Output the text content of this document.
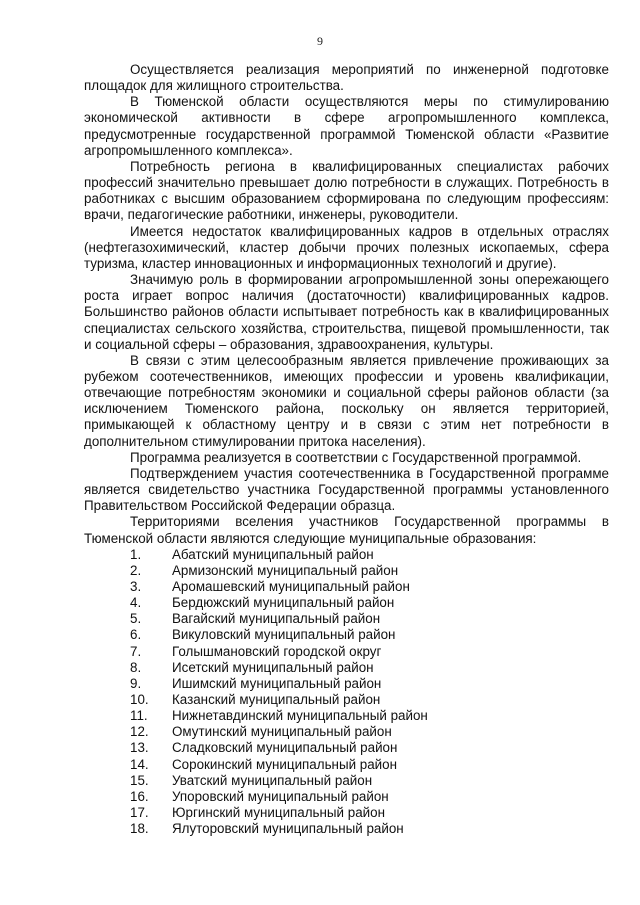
9

Осуществляется реализация мероприятий по инженерной подготовке площадок для жилищного строительства.

В Тюменской области осуществляются меры по стимулированию экономической активности в сфере агропромышленного комплекса, предусмотренные государственной программой Тюменской области «Развитие агропромышленного комплекса».

Потребность региона в квалифицированных специалистах рабочих профессий значительно превышает долю потребности в служащих. Потребность в работниках с высшим образованием сформирована по следующим профессиям: врачи, педагогические работники, инженеры, руководители.

Имеется недостаток квалифицированных кадров в отдельных отраслях (нефтегазохимический, кластер добычи прочих полезных ископаемых, сфера туризма, кластер инновационных и информационных технологий и другие).

Значимую роль в формировании агропромышленной зоны опережающего роста играет вопрос наличия (достаточности) квалифицированных кадров. Большинство районов области испытывает потребность как в квалифицированных специалистах сельского хозяйства, строительства, пищевой промышленности, так и социальной сферы – образования, здравоохранения, культуры.

В связи с этим целесообразным является привлечение проживающих за рубежом соотечественников, имеющих профессии и уровень квалификации, отвечающие потребностям экономики и социальной сферы районов области (за исключением Тюменского района, поскольку он является территорией, примыкающей к областному центру и в связи с этим нет потребности в дополнительном стимулировании притока населения).

Программа реализуется в соответствии с Государственной программой.

Подтверждением участия соотечественника в Государственной программе является свидетельство участника Государственной программы установленного Правительством Российской Федерации образца.

Территориями вселения участников Государственной программы в Тюменской области являются следующие муниципальные образования:

1.	Абатский муниципальный район
2.	Армизонский муниципальный район
3.	Аромашевский муниципальный район
4.	Бердюжский муниципальный район
5.	Вагайский муниципальный район
6.	Викуловский муниципальный район
7.	Голышмановский городской округ
8.	Исетский муниципальный район
9.	Ишимский муниципальный район
10.	Казанский муниципальный район
11.	Нижнетавдинский муниципальный район
12.	Омутинский муниципальный район
13.	Сладковский муниципальный район
14.	Сорокинский муниципальный район
15.	Уватский муниципальный район
16.	Упоровский муниципальный район
17.	Юргинский муниципальный район
18.	Ялуторовский муниципальный район
